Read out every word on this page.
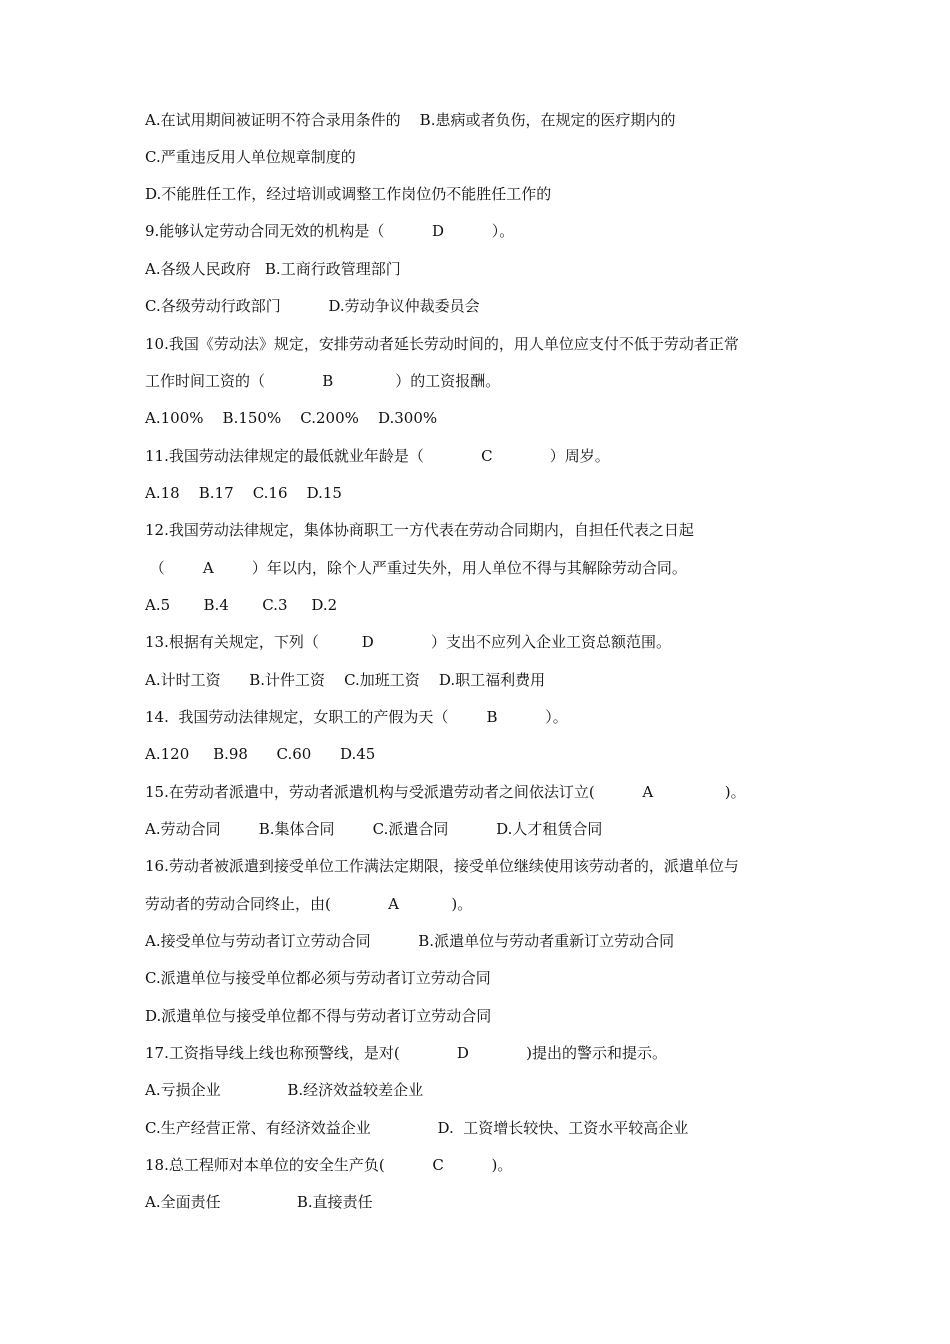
A.在试用期间被证明不符合录用条件的    B.患病或者负伤，在规定的医疗期内的
C.严重违反用人单位规章制度的
D.不能胜任工作，经过培训或调整工作岗位仍不能胜任工作的
9.能够认定劳动合同无效的机构是（          D          ）。
A.各级人民政府   B.工商行政管理部门
C.各级劳动行政部门          D.劳动争议仲裁委员会
10.我国《劳动法》规定，安排劳动者延长劳动时间的，用人单位应支付不低于劳动者正常
工作时间工资的（            B             ）的工资报酬。
A.100%    B.150%    C.200%    D.300%
11.我国劳动法律规定的最低就业年龄是（            C            ）周岁。
A.18    B.17    C.16    D.15
12.我国劳动法律规定，集体协商职工一方代表在劳动合同期内，自担任代表之日起
（        A        ）年以内，除个人严重过失外，用人单位不得与其解除劳动合同。
A.5       B.4       C.3     D.2
13.根据有关规定，下列（         D            ）支出不应列入企业工资总额范围。
A.计时工资      B.计件工资    C.加班工资    D.职工福利费用
14.  我国劳动法律规定，女职工的产假为天（        B          ）。
A.120     B.98      C.60      D.45
15.在劳动者派遣中，劳动者派遣机构与受派遣劳动者之间依法订立(          A               )。
A.劳动合同        B.集体合同        C.派遣合同          D.人才租赁合同
16.劳动者被派遣到接受单位工作满法定期限，接受单位继续使用该劳动者的，派遣单位与
劳动者的劳动合同终止，由(            A           )。
A.接受单位与劳动者订立劳动合同          B.派遣单位与劳动者重新订立劳动合同
C.派遣单位与接受单位都必须与劳动者订立劳动合同
D.派遣单位与接受单位都不得与劳动者订立劳动合同
17.工资指导线上线也称预警线，是对(            D            )提出的警示和提示。
A.亏损企业              B.经济效益较差企业
C.生产经营正常、有经济效益企业              D.  工资增长较快、工资水平较高企业
18.总工程师对本单位的安全生产负(          C          )。
A.全面责任                B.直接责任
